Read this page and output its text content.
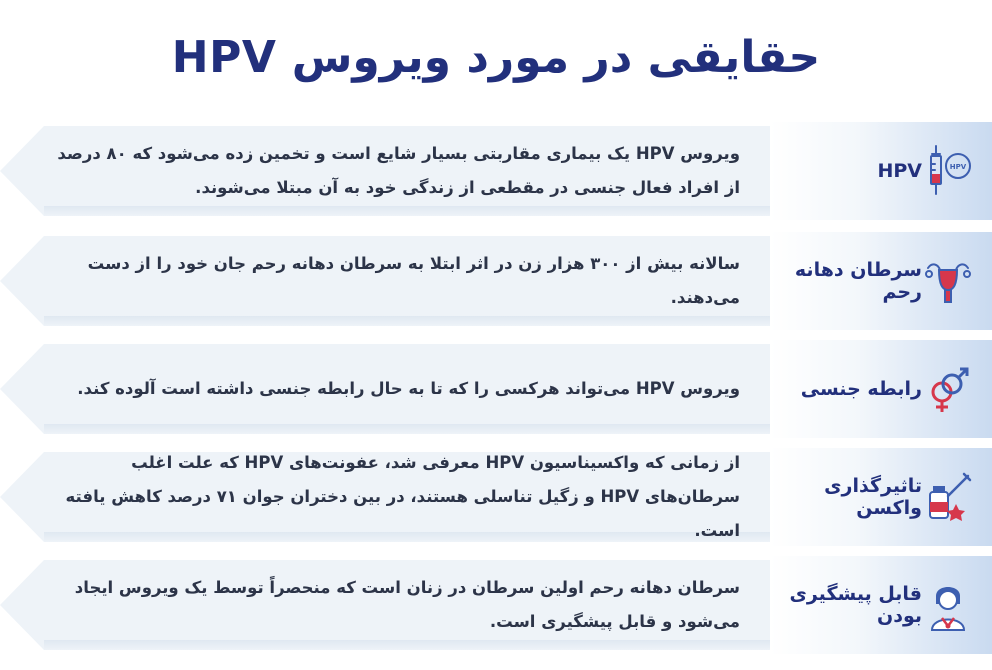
حقایقی در مورد ویروس HPV
ویروس HPV یک بیماری مقاربتی بسیار شایع است و تخمین زده می‌شود که ۸۰ درصد از افراد فعال جنسی در مقطعی از زندگی خود به آن مبتلا می‌شوند.
HPV	HPV
سالانه بیش از ۳۰۰ هزار زن در اثر ابتلا به سرطان دهانه رحم جان خود را از دست می‌دهند.
سرطان دهانه رحم
ویروس HPV می‌تواند هرکسی را که تا به حال رابطه جنسی داشته است آلوده کند.	رابطه جنسی
از زمانی که واکسیناسیون HPV معرفی شد، عفونت‌های HPV که علت اغلب سرطان‌های HPV و زگیل تناسلی هستند، در بین دختران جوان ۷۱ درصد کاهش یافته است.
تاثیرگذاری واکسن
سرطان دهانه رحم اولین سرطان در زنان است که منحصراً توسط یک ویروس ایجاد می‌شود و قابل پیشگیری است.
قابل پیشگیری بودن
